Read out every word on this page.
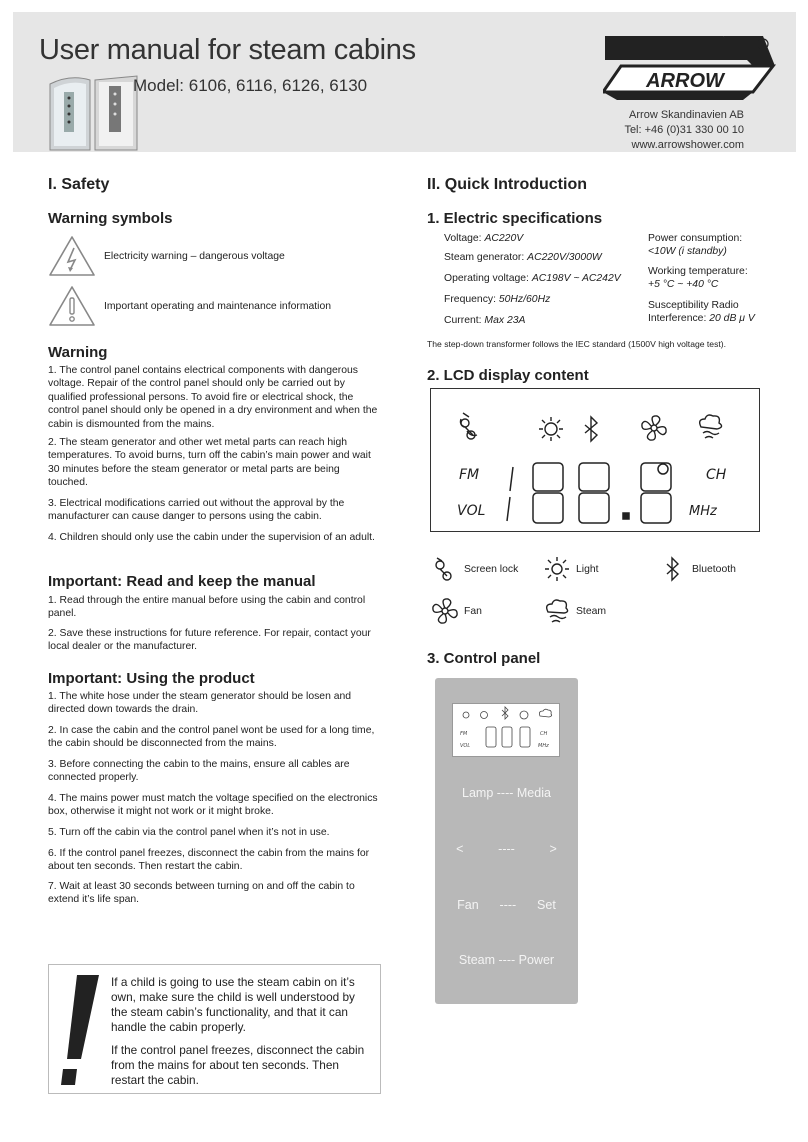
User manual for steam cabins
Model: 6106, 6116, 6126, 6130	ARROW
R
Arrow Skandinavien AB
Tel: +46 (0)31 330 00 10
www.arrowshower.com
I. Safety
Warning symbols
Electricity warning – dangerous voltage
Important operating and maintenance information
Warning
1. The control panel contains electrical components with dangerous voltage. Repair of the control panel should only be carried out by qualified professional persons. To avoid fire or electrical shock, the control panel should only be opened in a dry environment and when the cabin is dismounted from the mains.
2. The steam generator and other wet metal parts can reach high temperatures. To avoid burns, turn off the cabin’s main power and wait 30 minutes before the steam generator or metal parts are being touched.
3. Electrical modifications carried out without the approval by the manufacturer can cause danger to persons using the cabin.
4. Children should only use the cabin under the supervision of an adult.
Important: Read and keep the manual
1. Read through the entire manual before using the cabin and control panel.
2. Save these instructions for future reference. For repair, contact your local dealer or the manufacturer.
Important: Using the product
1. The white hose under the steam generator should be losen and directed down towards the drain.
2. In case the cabin and the control panel wont be used for a long time, the cabin should be disconnected from the mains.
3. Before connecting the cabin to the mains, ensure all cables are connected properly.
4. The mains power must match the voltage specified on the electronics box, otherwise it might not work or it might broke.
5. Turn off the cabin via the control panel when it’s not in use.
6. If the control panel freezes, disconnect the cabin from the mains for about ten seconds. Then restart the cabin.
7. Wait at least 30 seconds between turning on and off the cabin to extend it’s life span.
If a child is going to use the steam cabin on it’s own, make sure the child is well understood by the steam cabin’s functionality, and that it can handle the cabin properly.
If the control panel freezes, disconnect the cabin from the mains for about ten seconds. Then restart the cabin.
II. Quick Introduction
1. Electric specifications
Voltage: AC220V
Steam generator: AC220V/3000W
Operating voltage: AC198V ~ AC242V
Frequency: 50Hz/60Hz
Current: Max 23A
Power consumption:
<10W (i standby)
Working temperature:
+5 °C ~ +40 °C
Susceptibility Radio
Interference: 20 dB μ V
The step-down transformer follows the IEC standard (1500V high voltage test).
2. LCD display content
FM
VOL
CH
MHz
Screen lock	Light	Bluetooth
Fan	Steam
3. Control panel
FM
VOL
CH
MHz
Lamp ---- Media
<          ----          >
Fan      ----      Set
Steam ---- Power
